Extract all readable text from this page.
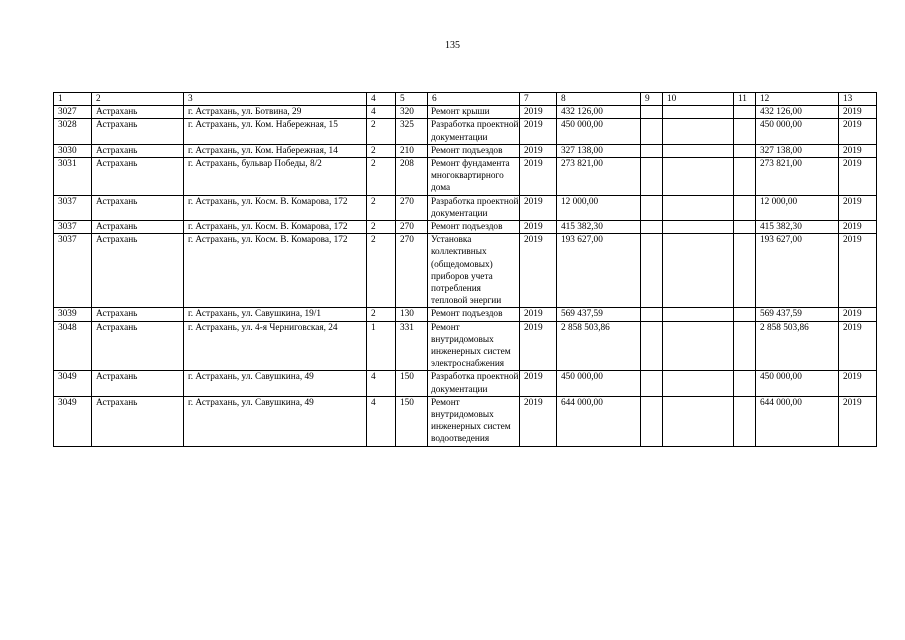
135
1	2	3	4	5	6	7	8	9	10	11	12	13
3027	Астрахань	г. Астрахань, ул. Ботвина, 29	4	320	Ремонт крыши	2019	432 126,00				432 126,00	2019
3028	Астрахань	г. Астрахань, ул. Ком. Набережная, 15	2	325	Разработка проектной документации	2019	450 000,00				450 000,00	2019
3030	Астрахань	г. Астрахань, ул. Ком. Набережная, 14	2	210	Ремонт подъездов	2019	327 138,00				327 138,00	2019
3031	Астрахань	г. Астрахань, бульвар Победы, 8/2	2	208	Ремонт фундамента многоквартирного дома	2019	273 821,00				273 821,00	2019
3037	Астрахань	г. Астрахань, ул. Косм. В. Комарова, 172	2	270	Разработка проектной документации	2019	12 000,00				12 000,00	2019
3037	Астрахань	г. Астрахань, ул. Косм. В. Комарова, 172	2	270	Ремонт подъездов	2019	415 382,30				415 382,30	2019
3037	Астрахань	г. Астрахань, ул. Косм. В. Комарова, 172	2	270	Установка коллективных (общедомовых) приборов учета потребления тепловой энергии	2019	193 627,00				193 627,00	2019
3039	Астрахань	г. Астрахань, ул. Савушкина, 19/1	2	130	Ремонт подъездов	2019	569 437,59				569 437,59	2019
3048	Астрахань	г. Астрахань, ул. 4-я Черниговская, 24	1	331	Ремонт внутридомовых инженерных систем электроснабжения	2019	2 858 503,86				2 858 503,86	2019
3049	Астрахань	г. Астрахань, ул. Савушкина, 49	4	150	Разработка проектной документации	2019	450 000,00				450 000,00	2019
3049	Астрахань	г. Астрахань, ул. Савушкина, 49	4	150	Ремонт внутридомовых инженерных систем водоотведения	2019	644 000,00				644 000,00	2019
